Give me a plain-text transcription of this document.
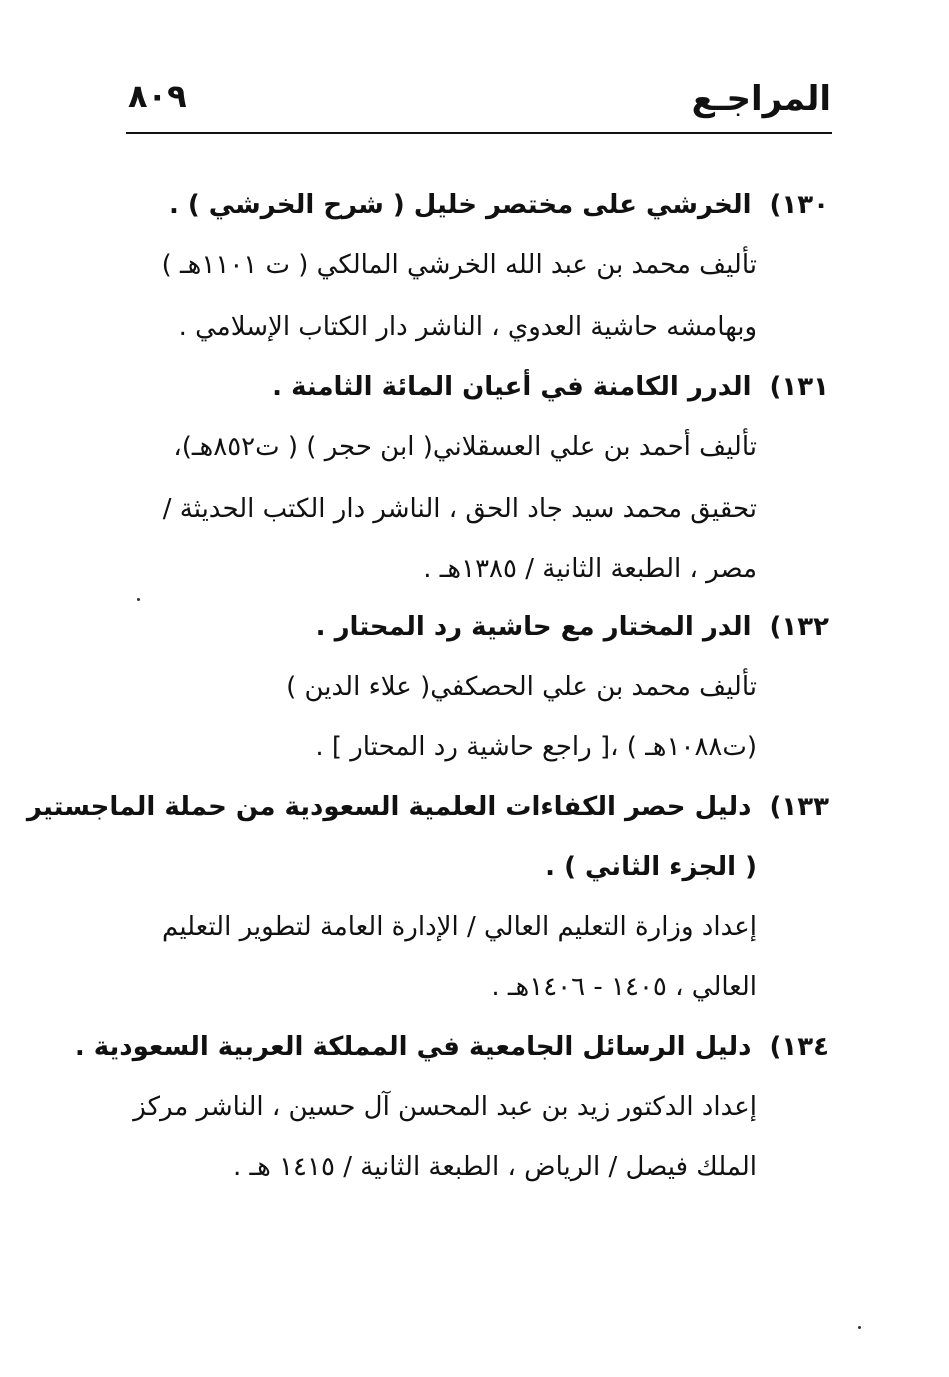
المراجـع
٨٠٩
١٣٠)الخرشي على مختصر خليل ( شرح الخرشي ) .
تأليف محمد بن عبد الله الخرشي المالكي ( ت ١١٠١هـ )
وبهامشه حاشية العدوي ، الناشر دار الكتاب الإسلامي .
١٣١)الدرر الكامنة في أعيان المائة الثامنة .
تأليف أحمد بن علي العسقلاني( ابن حجر ) ( ت٨٥٢هـ)،
تحقيق محمد سيد جاد الحق ، الناشر دار الكتب الحديثة /
مصر ، الطبعة الثانية / ١٣٨٥هـ .
١٣٢)الدر المختار مع حاشية رد المحتار .
تأليف محمد بن علي الحصكفي( علاء الدين )
(ت١٠٨٨هـ ) ،[ راجع حاشية رد المحتار ] .
١٣٣)دليل حصر الكفاءات العلمية السعودية من حملة الماجستير
( الجزء الثاني ) .
إعداد وزارة التعليم العالي / الإدارة العامة لتطوير التعليم
العالي ، ١٤٠٥ - ١٤٠٦هـ .
١٣٤)دليل الرسائل الجامعية في المملكة العربية السعودية .
إعداد الدكتور زيد بن عبد المحسن آل حسين ، الناشر مركز
الملك فيصل / الرياض ، الطبعة الثانية / ١٤١٥ هـ .
